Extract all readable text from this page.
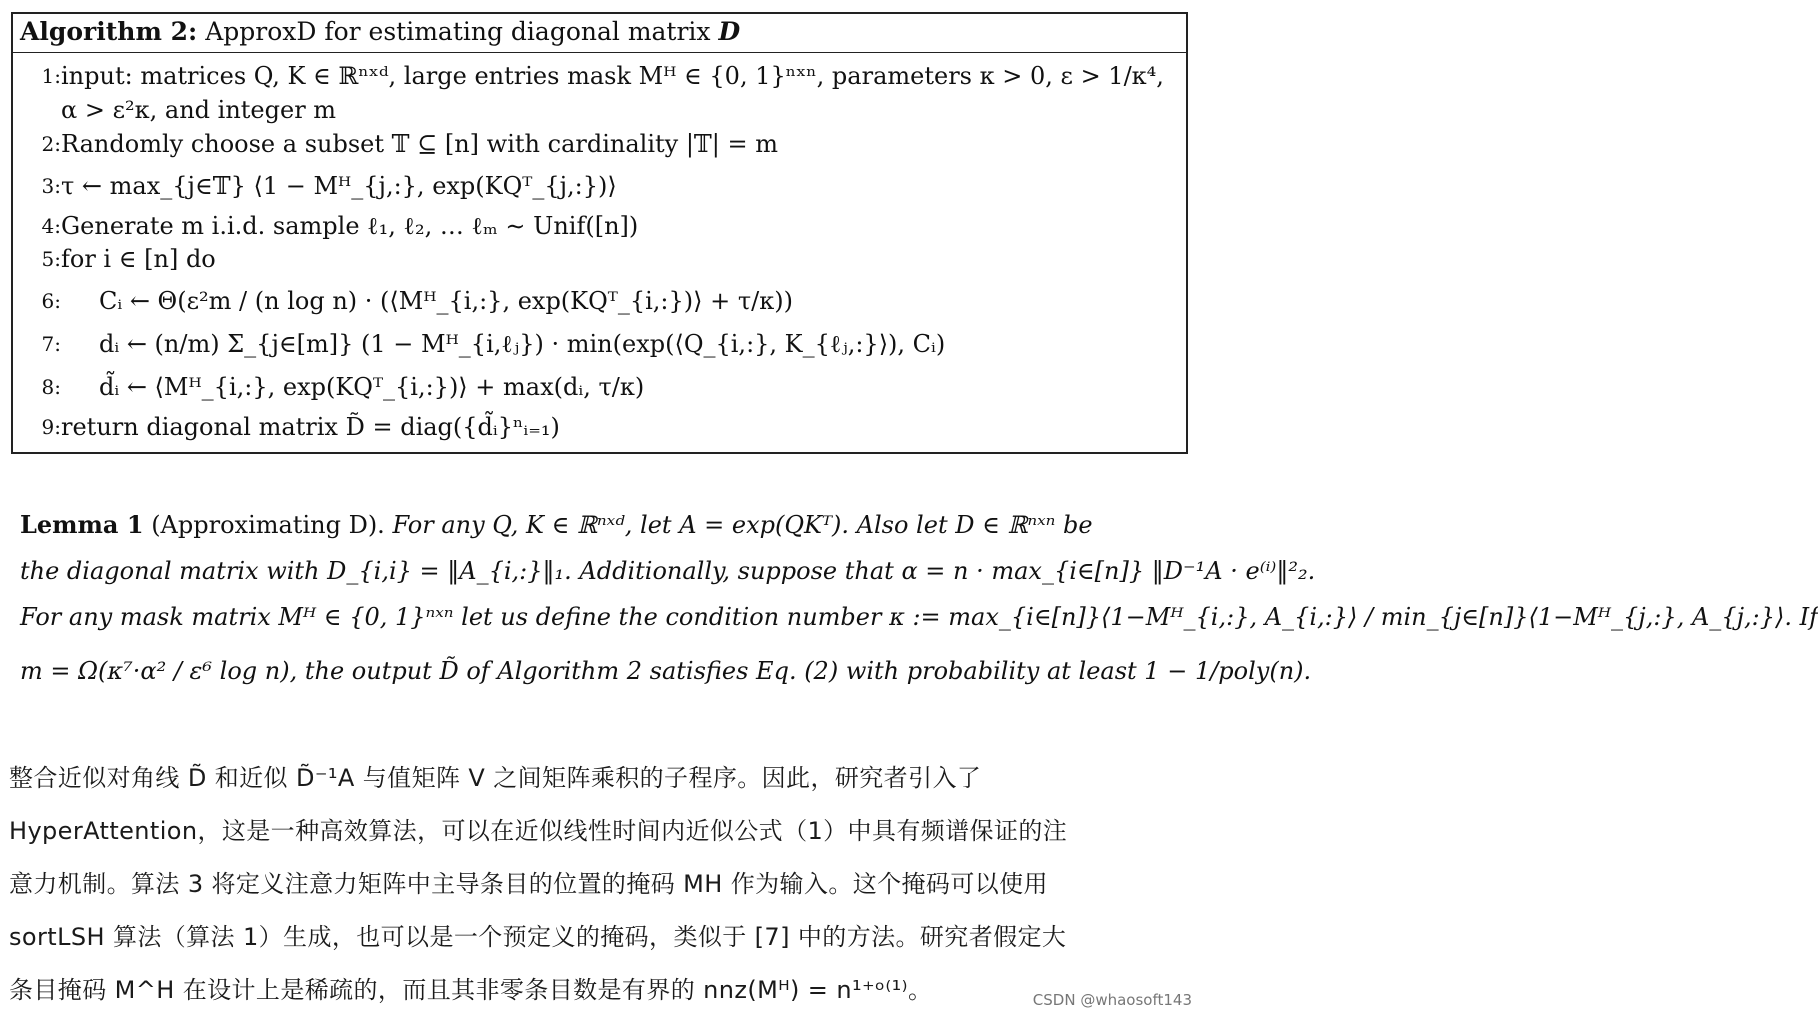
Algorithm 2: ApproxD for estimating diagonal matrix D
1: input: matrices Q, K ∈ ℝⁿˣᵈ, large entries mask Mᴴ ∈ {0, 1}ⁿˣⁿ, parameters κ > 0, ε > 1/κ⁴,
α > ε²κ, and integer m
2: Randomly choose a subset 𝕋 ⊆ [n] with cardinality |𝕋| = m
3: τ ← max_{j∈𝕋} ⟨1 − Mᴴ_{j,:}, exp(KQᵀ_{j,:})⟩
4: Generate m i.i.d. sample ℓ₁, ℓ₂, … ℓₘ ∼ Unif([n])
5: for i ∈ [n] do
6: Cᵢ ← Θ(ε²m / (n log n) · (⟨Mᴴ_{i,:}, exp(KQᵀ_{i,:})⟩ + τ/κ))
7: dᵢ ← (n/m) Σ_{j∈[m]} (1 − Mᴴ_{i,ℓⱼ}) · min(exp(⟨Q_{i,:}, K_{ℓⱼ,:}⟩), Cᵢ)
8: d̃ᵢ ← ⟨Mᴴ_{i,:}, exp(KQᵀ_{i,:})⟩ + max(dᵢ, τ/κ)
9: return diagonal matrix D̃ = diag({d̃ᵢ}ⁿᵢ₌₁)
Lemma 1 (Approximating D). For any Q, K ∈ ℝⁿˣᵈ, let A = exp(QKᵀ). Also let D ∈ ℝⁿˣⁿ be
the diagonal matrix with D_{i,i} = ‖A_{i,:}‖₁. Additionally, suppose that α = n · max_{i∈[n]} ‖D⁻¹A · e⁽ⁱ⁾‖²₂.
For any mask matrix Mᴴ ∈ {0, 1}ⁿˣⁿ let us define the condition number κ := max_{i∈[n]}⟨1−Mᴴ_{i,:}, A_{i,:}⟩ / min_{j∈[n]}⟨1−Mᴴ_{j,:}, A_{j,:}⟩. If
m = Ω(κ⁷·α² / ε⁶ log n), the output D̃ of Algorithm 2 satisfies Eq. (2) with probability at least 1 − 1/poly(n).
整合近似对角线 D̃ 和近似 D̃⁻¹A 与值矩阵 V 之间矩阵乘积的子程序。因此，研究者引入了
HyperAttention，这是一种高效算法，可以在近似线性时间内近似公式（1）中具有频谱保证的注
意力机制。算法 3 将定义注意力矩阵中主导条目的位置的掩码 MH 作为输入。这个掩码可以使用
sortLSH 算法（算法 1）生成，也可以是一个预定义的掩码，类似于 [7] 中的方法。研究者假定大
条目掩码 M^H 在设计上是稀疏的，而且其非零条目数是有界的 nnz(Mᴴ) = n¹⁺ᵒ⁽¹⁾。	CSDN @whaosoft143
